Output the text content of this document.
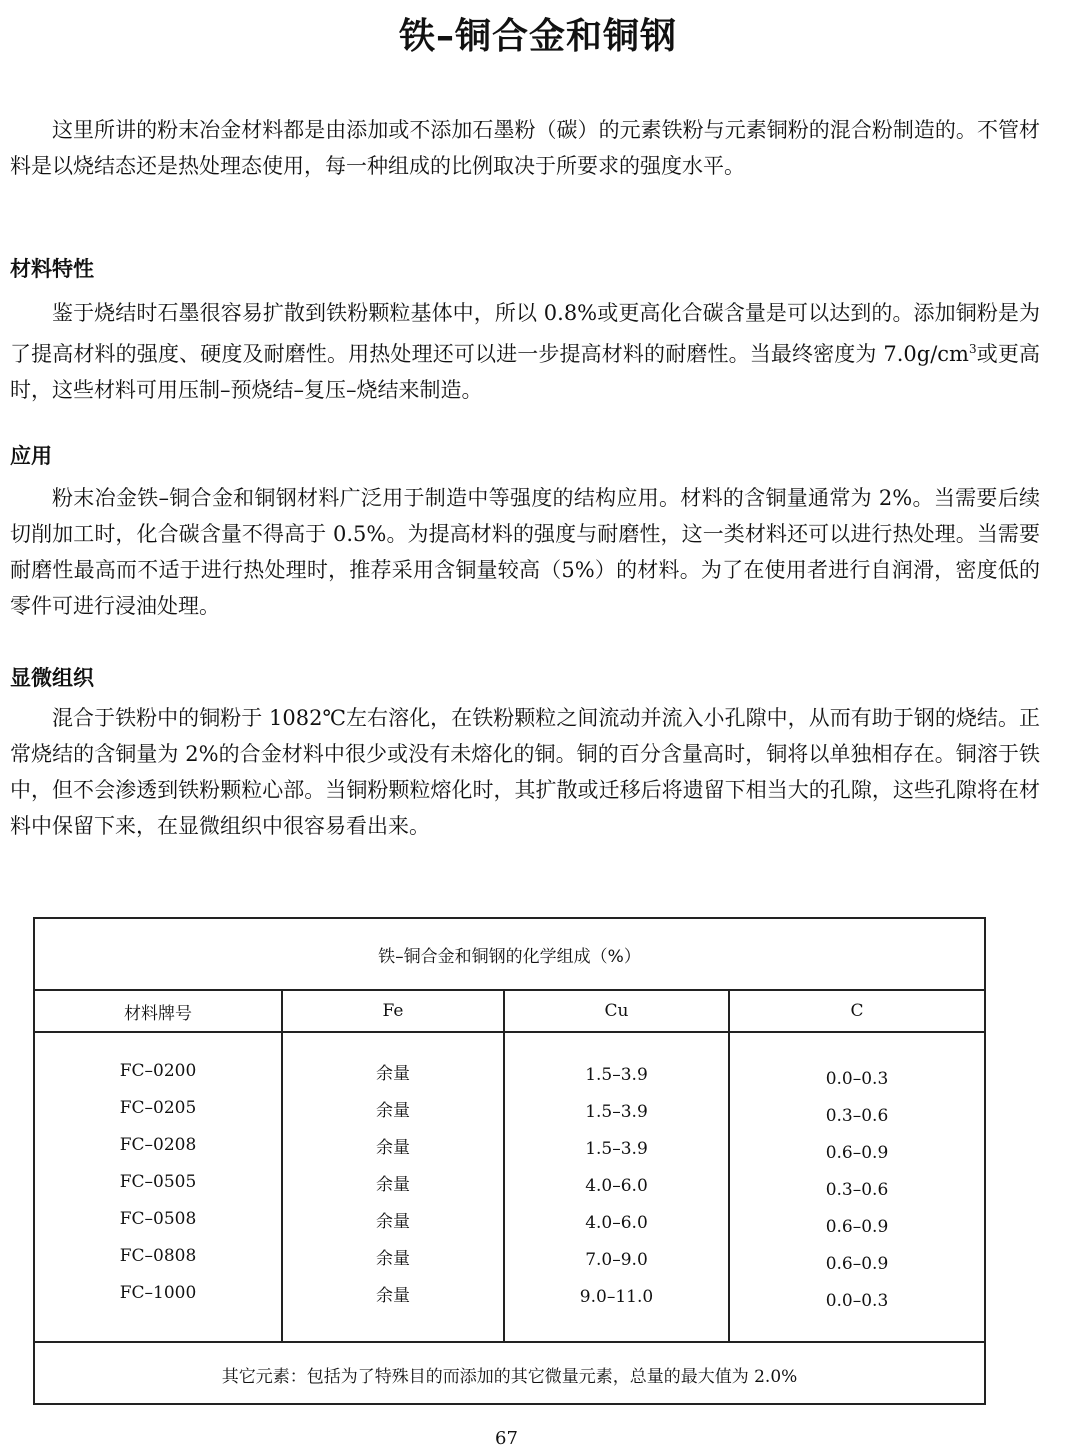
铁–铜合金和铜钢

这里所讲的粉末冶金材料都是由添加或不添加石墨粉（碳）的元素铁粉与元素铜粉的混合粉制造的。不管材料是以烧结态还是热处理态使用，每一种组成的比例取决于所要求的强度水平。

材料特性

鉴于烧结时石墨很容易扩散到铁粉颗粒基体中，所以 0.8%或更高化合碳含量是可以达到的。添加铜粉是为了提高材料的强度、硬度及耐磨性。用热处理还可以进一步提高材料的耐磨性。当最终密度为 $7.0g/cm^3$或更高时，这些材料可用压制–预烧结–复压–烧结来制造。

应用

粉末冶金铁–铜合金和铜钢材料广泛用于制造中等强度的结构应用。材料的含铜量通常为 2%。当需要后续切削加工时，化合碳含量不得高于 0.5%。为提高材料的强度与耐磨性，这一类材料还可以进行热处理。当需要耐磨性最高而不适于进行热处理时，推荐采用含铜量较高（5%）的材料。为了在使用者进行自润滑，密度低的零件可进行浸油处理。

显微组织

混合于铁粉中的铜粉于 1082℃左右溶化，在铁粉颗粒之间流动并流入小孔隙中，从而有助于钢的烧结。正常烧结的含铜量为 2%的合金材料中很少或没有未熔化的铜。铜的百分含量高时，铜将以单独相存在。铜溶于铁中，但不会渗透到铁粉颗粒心部。当铜粉颗粒熔化时，其扩散或迁移后将遗留下相当大的孔隙，这些孔隙将在材料中保留下来，在显微组织中很容易看出来。

铁–铜合金和铜钢的化学组成（%）
材料牌号	Fe	Cu	C
FC–0200	余量	1.5–3.9	0.0–0.3
FC–0205	余量	1.5–3.9	0.3–0.6
FC–0208	余量	1.5–3.9	0.6–0.9
FC–0505	余量	4.0–6.0	0.3–0.6
FC–0508	余量	4.0–6.0	0.6–0.9
FC–0808	余量	7.0–9.0	0.6–0.9
FC–1000	余量	9.0–11.0	0.0–0.3
其它元素：包括为了特殊目的而添加的其它微量元素，总量的最大值为 2.0%
67
